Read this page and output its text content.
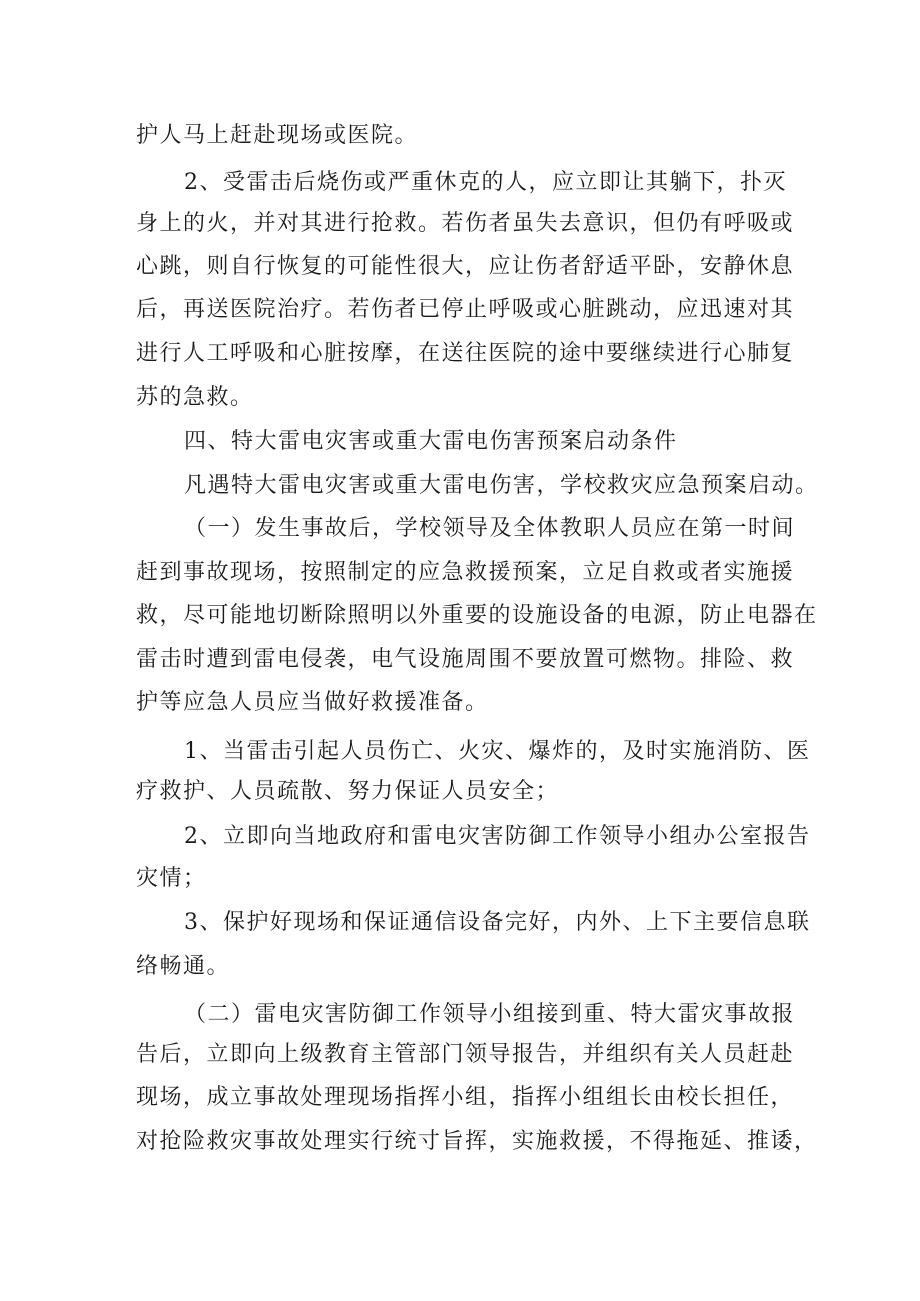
护人马上赶赴现场或医院。
2、受雷击后烧伤或严重休克的人，应立即让其躺下，扑灭
身上的火，并对其进行抢救。若伤者虽失去意识，但仍有呼吸或
心跳，则自行恢复的可能性很大，应让伤者舒适平卧，安静休息
后，再送医院治疗。若伤者已停止呼吸或心脏跳动，应迅速对其
进行人工呼吸和心脏按摩，在送往医院的途中要继续进行心肺复
苏的急救。
四、特大雷电灾害或重大雷电伤害预案启动条件
凡遇特大雷电灾害或重大雷电伤害，学校救灾应急预案启动。
（一）发生事故后，学校领导及全体教职人员应在第一时间
赶到事故现场，按照制定的应急救援预案，立足自救或者实施援
救，尽可能地切断除照明以外重要的设施设备的电源，防止电器在
雷击时遭到雷电侵袭，电气设施周围不要放置可燃物。排险、救
护等应急人员应当做好救援准备。
1、当雷击引起人员伤亡、火灾、爆炸的，及时实施消防、医
疗救护、人员疏散、努力保证人员安全；
2、立即向当地政府和雷电灾害防御工作领导小组办公室报告
灾情；
3、保护好现场和保证通信设备完好，内外、上下主要信息联
络畅通。
（二）雷电灾害防御工作领导小组接到重、特大雷灾事故报
告后，立即向上级教育主管部门领导报告，并组织有关人员赶赴
现场，成立事故处理现场指挥小组，指挥小组组长由校长担任，
对抢险救灾事故处理实行统寸旨挥，实施救援，不得拖延、推诿，
